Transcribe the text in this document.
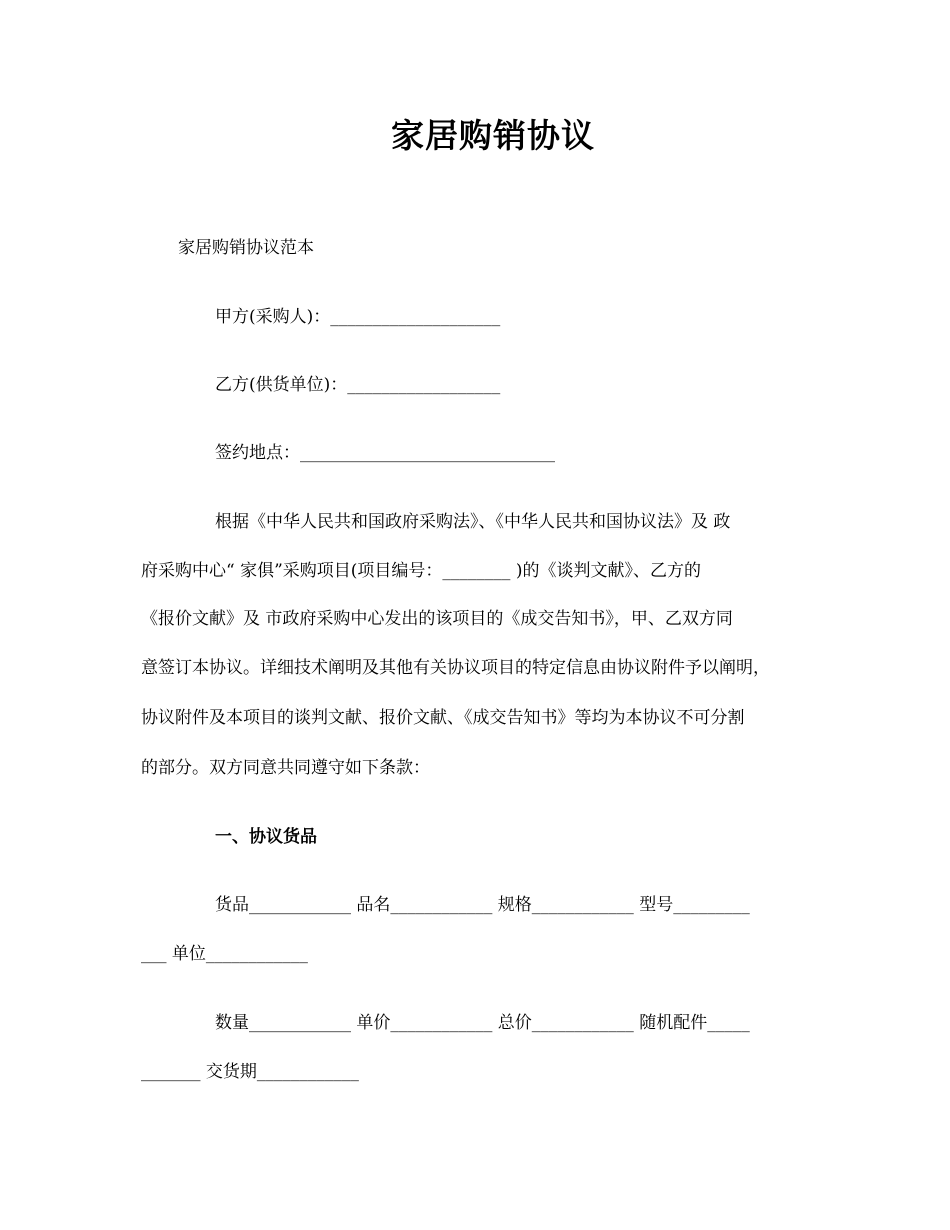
家居购销协议
家居购销协议范本
甲方(采购人)：____________________
乙方(供货单位)：__________________
签约地点：______________________________
根据《中华人民共和国政府采购法》、《中华人民共和国协议法》及 政
府采购中心“ 家俱”采购项目(项目编号：________ )的《谈判文献》、乙方的
《报价文献》及 市政府采购中心发出的该项目的《成交告知书》，甲、乙双方同
意签订本协议。详细技术阐明及其他有关协议项目的特定信息由协议附件予以阐明，
协议附件及本项目的谈判文献、报价文献、《成交告知书》等均为本协议不可分割
的部分。双方同意共同遵守如下条款：
一、协议货品
货品____________ 品名____________ 规格____________ 型号_________
___ 单位____________
数量____________ 单价____________ 总价____________ 随机配件_____
_______ 交货期____________
